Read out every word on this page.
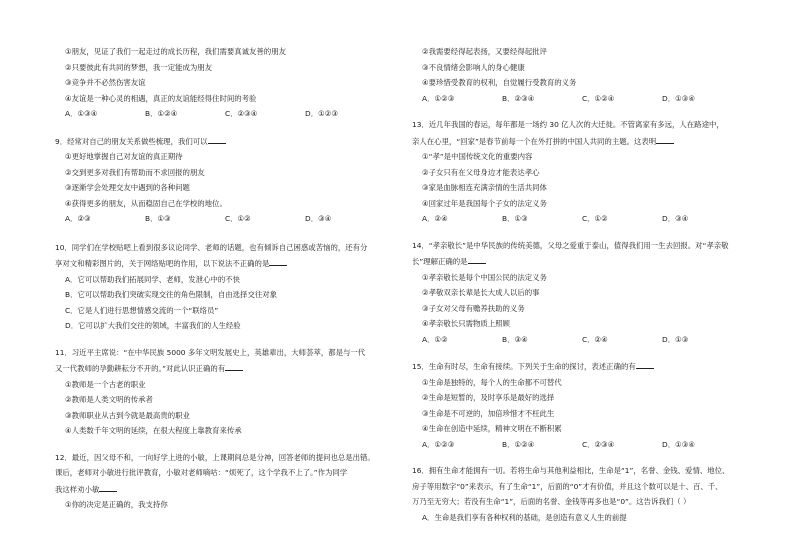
①朋友，见证了我们一起走过的成长历程，我们需要真诚友善的朋友
②只要彼此有共同的梦想，我一定能成为朋友
③竞争并不必然伤害友谊
④友谊是一种心灵的相遇，真正的友谊能经得住时间的考验
A．①③④	B．①②④	C．②③④	D．①②③
9．经常对自己的朋友关系做些梳理，我们可以
①更好地掌握自己对友谊的真正期待
②交到更多对我们有帮助而不求回报的朋友
③逐渐学会处理交友中遇到的各种问题
④获得更多的朋友，从而稳固自己在学校的地位。
A．②③	B．①③	C．①②	D．③④
10．同学们在学校贴吧上看到很多议论同学、老师的话题，也有倾诉自己困惑或苦恼的，还有分
享对文和精彩图片的，关于网络贴吧的作用，以下说法不正确的是
A．它可以帮助我们拓展同学、老师，发泄心中的不快
B．它可以帮助我们突破实现交往的角色限制，自由选择交往对象
C．它是人们进行思想情感交流的一个“联络员”
D．它可以扩大我们交往的领域，丰富我们的人生经验
11．习近平主席说：“在中华民族 5000 多年文明发展史上，英雄辈出，大师荟萃，都是与一代
又一代教师的孕勤耕耘分不开的。”对此认识正确的有
①教师是一个古老的职业
②教师是人类文明的传承者
③教师职业从古到今就是最高贵的职业
④人类数千年文明的延续，在很大程度上靠教育来传承
12．最近，因父母不和，一向好学上进的小敏，上课期间总是分神，回答老师的提问也总是出错。
课后，老师对小敏进行批评教育，小敏对老师嘀咕：“烦死了，这个学我不上了。”作为同学
我这样劝小敏
①你的决定是正确的，我支持你
②我需要经得起表扬，又要经得起批评
③不良情绪会影响人的身心健康
④要珍惜受教育的权利，自觉履行受教育的义务
A．①②③	B．②③④	C．①②④	D．①③④
13．近几年我国的春运，每年都是一场约 30 亿人次的大迁徙。不管离家有多远，人在路途中，
亲人在心里，“回家”是春节前每一个在外打拼的中国人共同的主题。这表明
①“孝”是中国传统文化的重要内容
②子女只有在父母身边才能表达孝心
③家是血脉相连充满亲情的生活共同体
④回家过年是我国每个子女的法定义务
A．②④	B．①③	C．①②	D．③④
14．“孝亲敬长”是中华民族的传统美德，父母之爱重于泰山，值得我们用一生去回报。对“孝亲敬
长”理解正确的是
①孝亲敬长是每个中国公民的法定义务
②孝敬双亲长辈是长大成人以后的事
③子女对父母有赡养扶助的义务
④孝亲敬长只需物质上照顾
A．①②	B．③④	C．②④	D．①③
15．生命有时尽，生命有接续。下列关于生命的探讨，表述正确的有
①生命是独特的，每个人的生命都不可替代
②生命是短暂的，及时享乐是最好的选择
③生命是不可逆的，加倍珍惜才不枉此生
④生命在创造中延续，精神文明在不断积累
A．①②③	B．①②④	C．②③④	D．①③④
16．拥有生命才能拥有一切。若将生命与其他利益相比，生命是“1”，名誉、金钱、爱情、地位、
房子等用数字“0”来表示，有了生命“1”，后面的“0”才有价值，并且这个数可以是十、百、千、
万乃至无穷大；若没有生命“1”，后面的名誉、金钱等再多也是“0”。这告诉我们（ ）
A．生命是我们享有各种权利的基础，是创造有意义人生的前提
